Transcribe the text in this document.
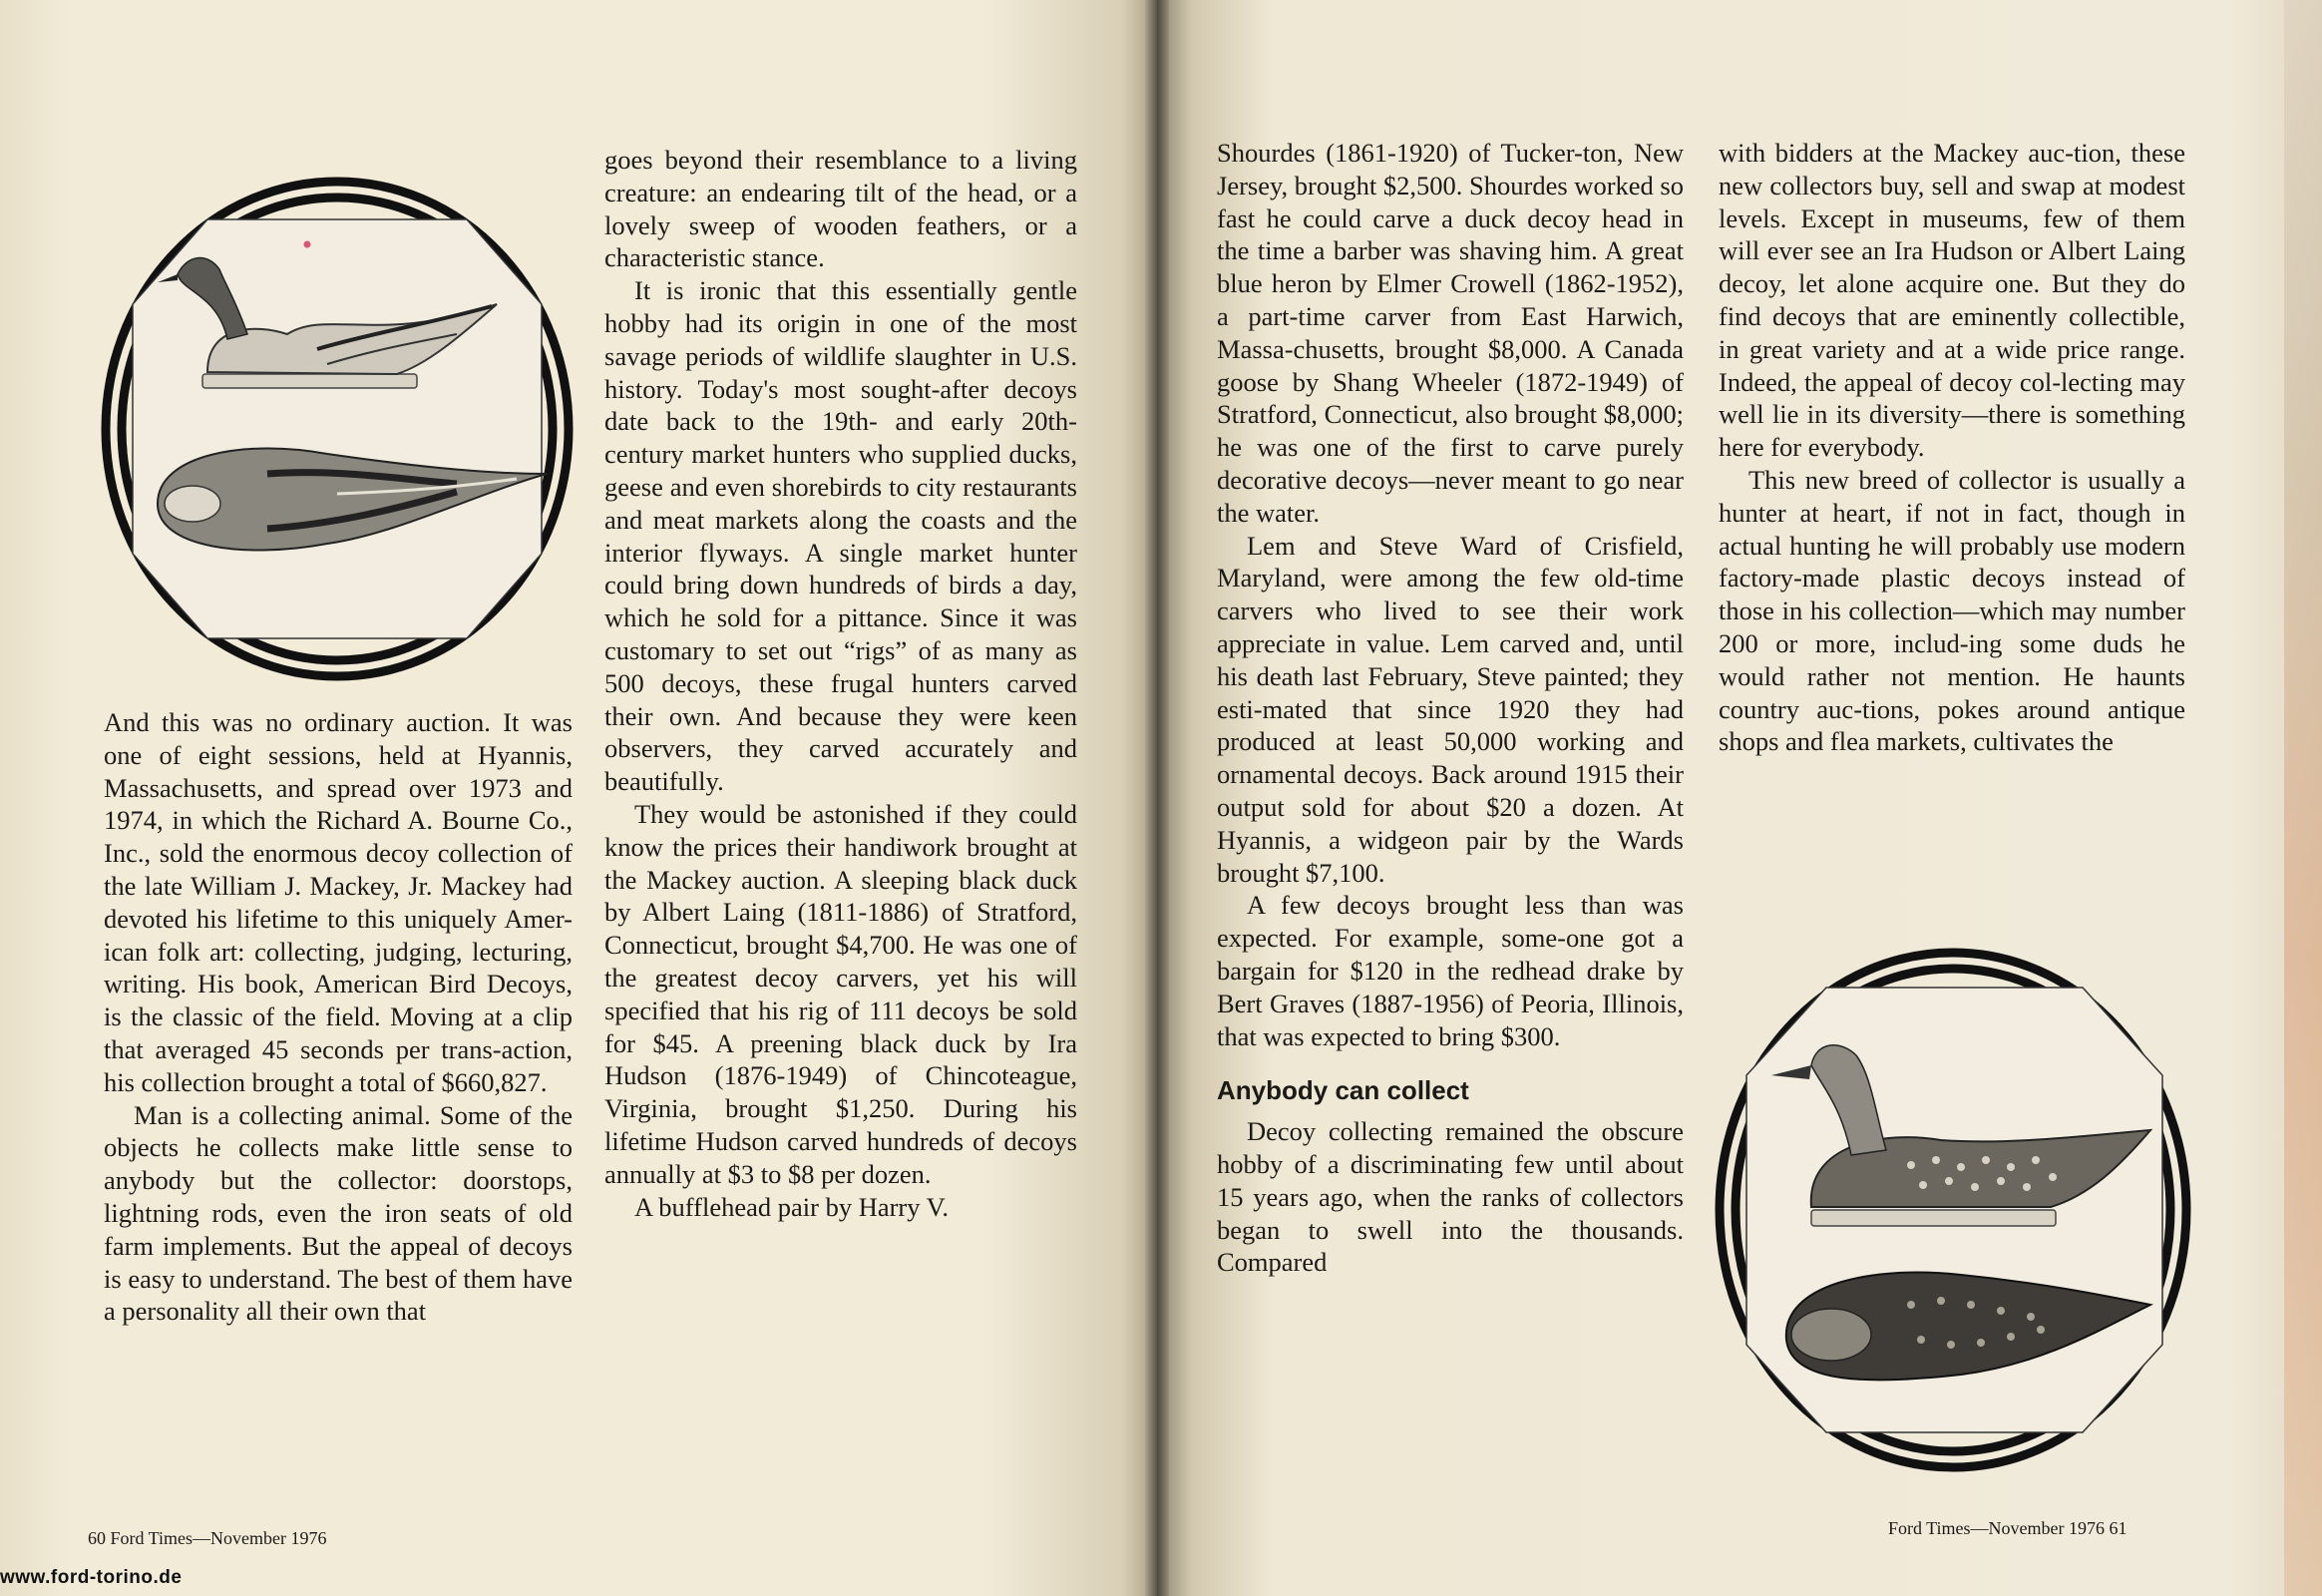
And this was no ordinary auction. It was one of eight sessions, held at Hyannis, Massachusetts, and spread over 1973 and 1974, in which the Richard A. Bourne Co., Inc., sold the enormous decoy collection of the late William J. Mackey, Jr. Mackey had devoted his lifetime to this uniquely Amer-ican folk art: collecting, judging, lecturing, writing. His book, American Bird Decoys, is the classic of the field. Moving at a clip that averaged 45 seconds per trans-action, his collection brought a total of $660,827.

Man is a collecting animal. Some of the objects he collects make little sense to anybody but the collector: doorstops, lightning rods, even the iron seats of old farm implements. But the appeal of decoys is easy to understand. The best of them have a personality all their own that

goes beyond their resemblance to a living creature: an endearing tilt of the head, or a lovely sweep of wooden feathers, or a characteristic stance.

It is ironic that this essentially gentle hobby had its origin in one of the most savage periods of wildlife slaughter in U.S. history. Today's most sought-after decoys date back to the 19th- and early 20th-century market hunters who supplied ducks, geese and even shorebirds to city restaurants and meat markets along the coasts and the interior flyways. A single market hunter could bring down hundreds of birds a day, which he sold for a pittance. Since it was customary to set out “rigs” of as many as 500 decoys, these frugal hunters carved their own. And because they were keen observers, they carved accurately and beautifully.

They would be astonished if they could know the prices their handiwork brought at the Mackey auction. A sleeping black duck by Albert Laing (1811-1886) of Stratford, Connecticut, brought $4,700. He was one of the greatest decoy carvers, yet his will specified that his rig of 111 decoys be sold for $45. A preening black duck by Ira Hudson (1876-1949) of Chincoteague, Virginia, brought $1,250. During his lifetime Hudson carved hundreds of decoys annually at $3 to $8 per dozen.

A bufflehead pair by Harry V.

Shourdes (1861-1920) of Tucker-ton, New Jersey, brought $2,500. Shourdes worked so fast he could carve a duck decoy head in the time a barber was shaving him. A great blue heron by Elmer Crowell (1862-1952), a part-time carver from East Harwich, Massa-chusetts, brought $8,000. A Canada goose by Shang Wheeler (1872-1949) of Stratford, Connecticut, also brought $8,000; he was one of the first to carve purely decorative decoys—never meant to go near the water.

Lem and Steve Ward of Crisfield, Maryland, were among the few old-time carvers who lived to see their work appreciate in value. Lem carved and, until his death last February, Steve painted; they esti-mated that since 1920 they had produced at least 50,000 working and ornamental decoys. Back around 1915 their output sold for about $20 a dozen. At Hyannis, a widgeon pair by the Wards brought $7,100.

A few decoys brought less than was expected. For example, some-one got a bargain for $120 in the redhead drake by Bert Graves (1887-1956) of Peoria, Illinois, that was expected to bring $300.

Anybody can collect

Decoy collecting remained the obscure hobby of a discriminating few until about 15 years ago, when the ranks of collectors began to swell into the thousands. Compared

with bidders at the Mackey auc-tion, these new collectors buy, sell and swap at modest levels. Except in museums, few of them will ever see an Ira Hudson or Albert Laing decoy, let alone acquire one. But they do find decoys that are eminently collectible, in great variety and at a wide price range. Indeed, the appeal of decoy col-lecting may well lie in its diversity—there is something here for everybody.

This new breed of collector is usually a hunter at heart, if not in fact, though in actual hunting he will probably use modern factory-made plastic decoys instead of those in his collection—which may number 200 or more, includ-ing some duds he would rather not mention. He haunts country auc-tions, pokes around antique shops and flea markets, cultivates the

60 Ford Times—November 1976	Ford Times—November 1976 61
www.ford-torino.de
